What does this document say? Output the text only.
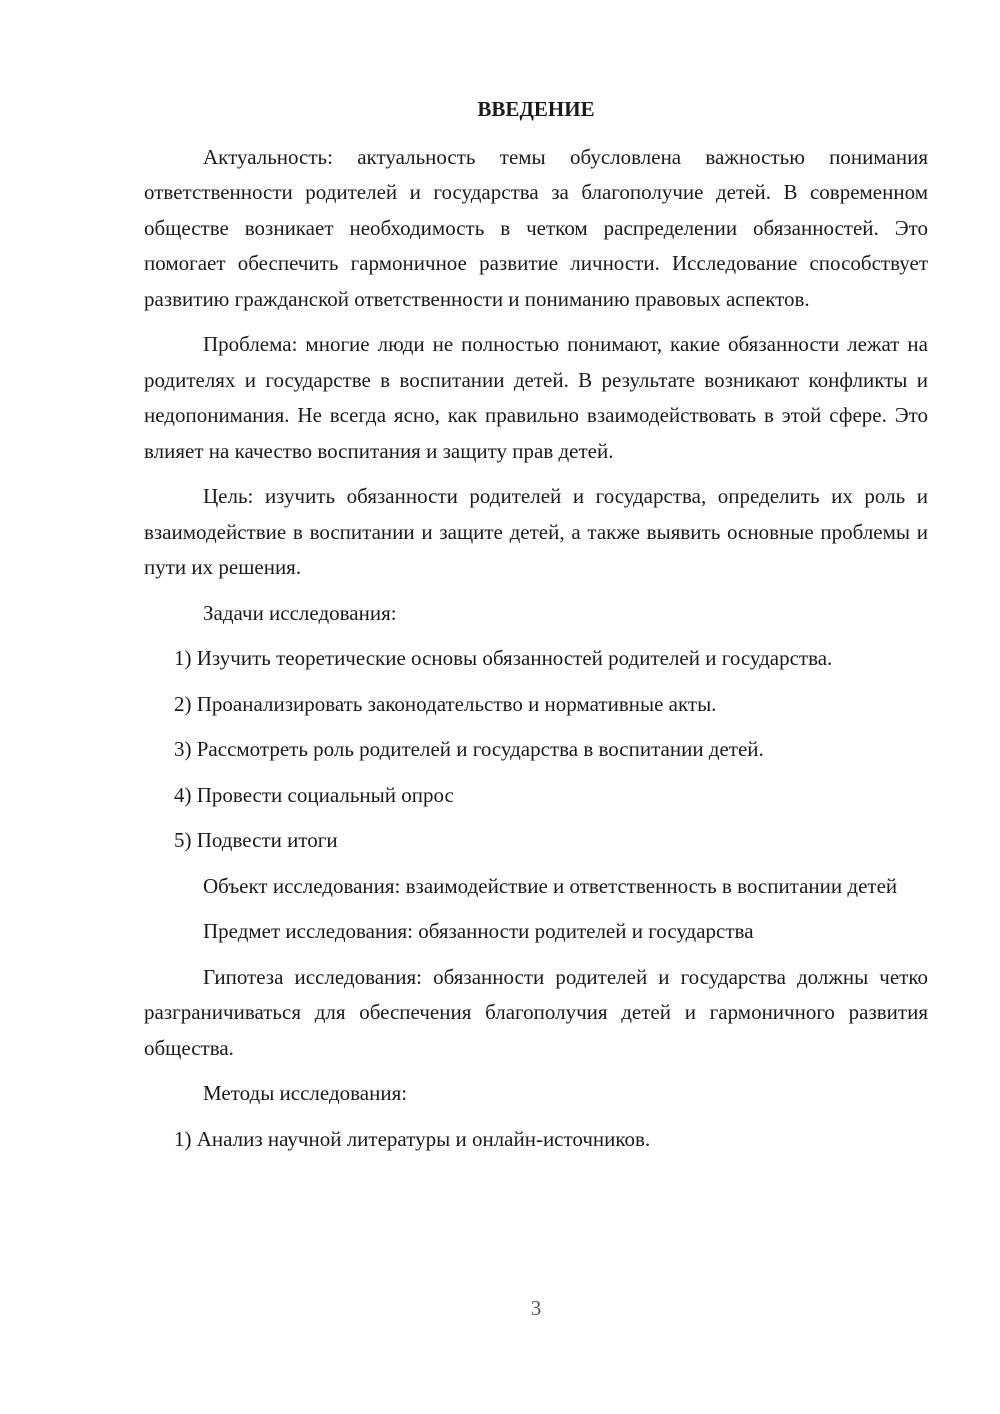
ВВЕДЕНИЕ

Актуальность: актуальность темы обусловлена важностью понимания ответственности родителей и государства за благополучие детей. В современном обществе возникает необходимость в четком распределении обязанностей. Это помогает обеспечить гармоничное развитие личности. Исследование способствует развитию гражданской ответственности и пониманию правовых аспектов.

Проблема: многие люди не полностью понимают, какие обязанности лежат на родителях и государстве в воспитании детей. В результате возникают конфликты и недопонимания. Не всегда ясно, как правильно взаимодействовать в этой сфере. Это влияет на качество воспитания и защиту прав детей.

Цель: изучить обязанности родителей и государства, определить их роль и взаимодействие в воспитании и защите детей, а также выявить основные проблемы и пути их решения.

Задачи исследования:

1) Изучить теоретические основы обязанностей родителей и государства.

2) Проанализировать законодательство и нормативные акты.

3) Рассмотреть роль родителей и государства в воспитании детей.

4) Провести социальный опрос

5) Подвести итоги

Объект исследования: взаимодействие и ответственность в воспитании детей

Предмет исследования: обязанности родителей и государства

Гипотеза исследования: обязанности родителей и государства должны четко разграничиваться для обеспечения благополучия детей и гармоничного развития общества.

Методы исследования:

1) Анализ научной литературы и онлайн-источников.

3
